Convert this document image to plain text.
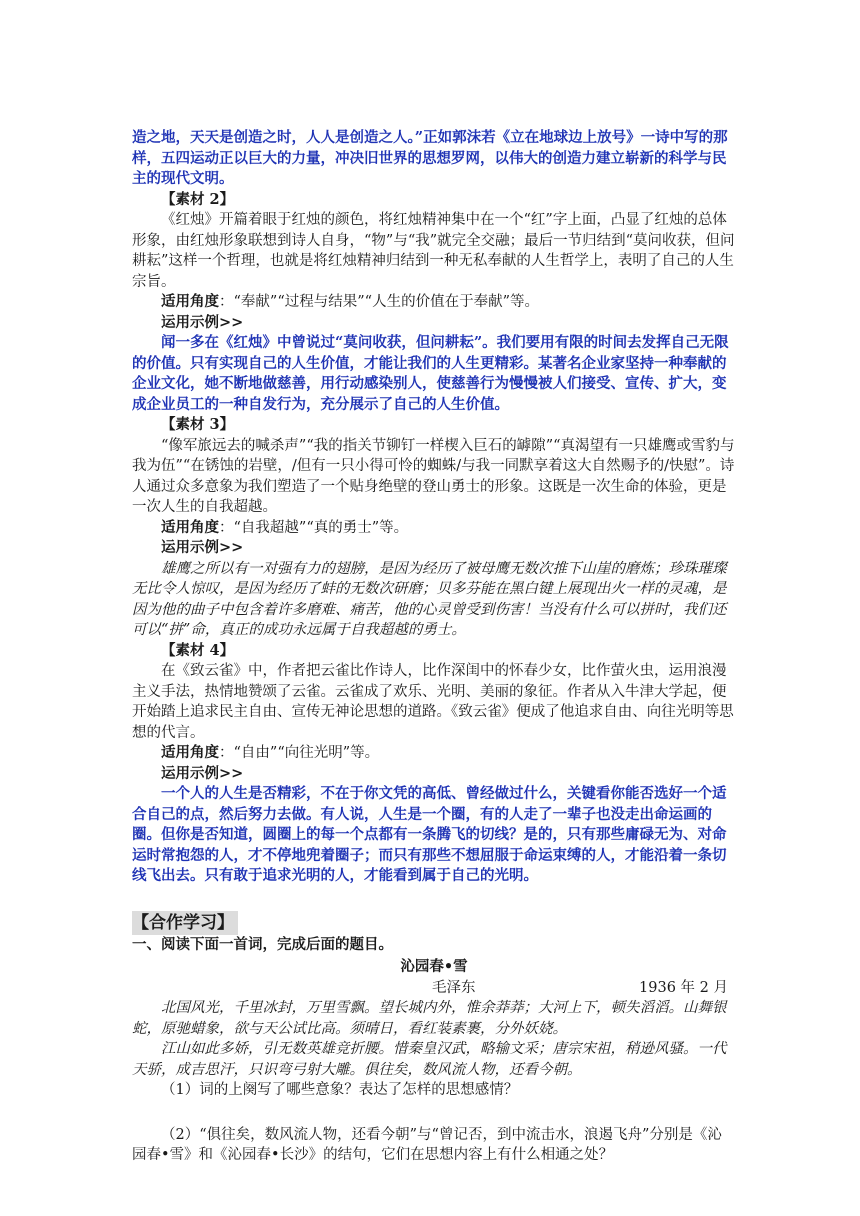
造之地，天天是创造之时，人人是创造之人。”正如郭沫若《立在地球边上放号》一诗中写的那样，五四运动正以巨大的力量，冲决旧世界的思想罗网，以伟大的创造力建立崭新的科学与民主的现代文明。

【素材 2】

《红烛》开篇着眼于红烛的颜色，将红烛精神集中在一个“红”字上面，凸显了红烛的总体形象，由红烛形象联想到诗人自身，“物”与“我”就完全交融；最后一节归结到“莫问收获，但问耕耘”这样一个哲理，也就是将红烛精神归结到一种无私奉献的人生哲学上，表明了自己的人生宗旨。

适用角度：“奉献”“过程与结果”“人生的价值在于奉献”等。

运用示例>>

闻一多在《红烛》中曾说过“莫问收获，但问耕耘”。我们要用有限的时间去发挥自己无限的价值。只有实现自己的人生价值，才能让我们的人生更精彩。某著名企业家坚持一种奉献的企业文化，她不断地做慈善，用行动感染别人，使慈善行为慢慢被人们接受、宣传、扩大，变成企业员工的一种自发行为，充分展示了自己的人生价值。

【素材 3】

“像军旅远去的喊杀声”“我的指关节铆钉一样楔入巨石的罅隙”“真渴望有一只雄鹰或雪豹与我为伍”“在锈蚀的岩壁，/但有一只小得可怜的蜘蛛/与我一同默享着这大自然赐予的/快慰”。诗人通过众多意象为我们塑造了一个贴身绝壁的登山勇士的形象。这既是一次生命的体验，更是一次人生的自我超越。

适用角度：“自我超越”“真的勇士”等。

运用示例>>

雄鹰之所以有一对强有力的翅膀，是因为经历了被母鹰无数次推下山崖的磨炼；珍珠璀璨无比令人惊叹，是因为经历了蚌的无数次研磨；贝多芬能在黑白键上展现出火一样的灵魂，是因为他的曲子中包含着许多磨难、痛苦，他的心灵曾受到伤害！当没有什么可以拼时，我们还可以“拼”命，真正的成功永远属于自我超越的勇士。

【素材 4】

在《致云雀》中，作者把云雀比作诗人，比作深闺中的怀春少女，比作萤火虫，运用浪漫主义手法，热情地赞颂了云雀。云雀成了欢乐、光明、美丽的象征。作者从入牛津大学起，便开始踏上追求民主自由、宣传无神论思想的道路。《致云雀》便成了他追求自由、向往光明等思想的代言。

适用角度：“自由”“向往光明”等。

运用示例>>

一个人的人生是否精彩，不在于你文凭的高低、曾经做过什么，关键看你能否选好一个适合自己的点，然后努力去做。有人说，人生是一个圈，有的人走了一辈子也没走出命运画的圈。但你是否知道，圆圈上的每一个点都有一条腾飞的切线？是的，只有那些庸碌无为、对命运时常抱怨的人，才不停地兜着圈子；而只有那些不想屈服于命运束缚的人，才能沿着一条切线飞出去。只有敢于追求光明的人，才能看到属于自己的光明。

【合作学习】

一、阅读下面一首词，完成后面的题目。

沁园春•雪

毛泽东	1936 年 2 月

北国风光，千里冰封，万里雪飘。望长城内外，惟余莽莽；大河上下，顿失滔滔。山舞银蛇，原驰蜡象，欲与天公试比高。须晴日，看红装素裹，分外妖娆。

江山如此多娇，引无数英雄竞折腰。惜秦皇汉武，略输文采；唐宗宋祖，稍逊风骚。一代天骄，成吉思汗，只识弯弓射大雕。俱往矣，数风流人物，还看今朝。

（1）词的上阕写了哪些意象？表达了怎样的思想感情？

（2）“俱往矣，数风流人物，还看今朝”与“曾记否，到中流击水，浪遏飞舟”分别是《沁园春•雪》和《沁园春•长沙》的结句，它们在思想内容上有什么相通之处？
